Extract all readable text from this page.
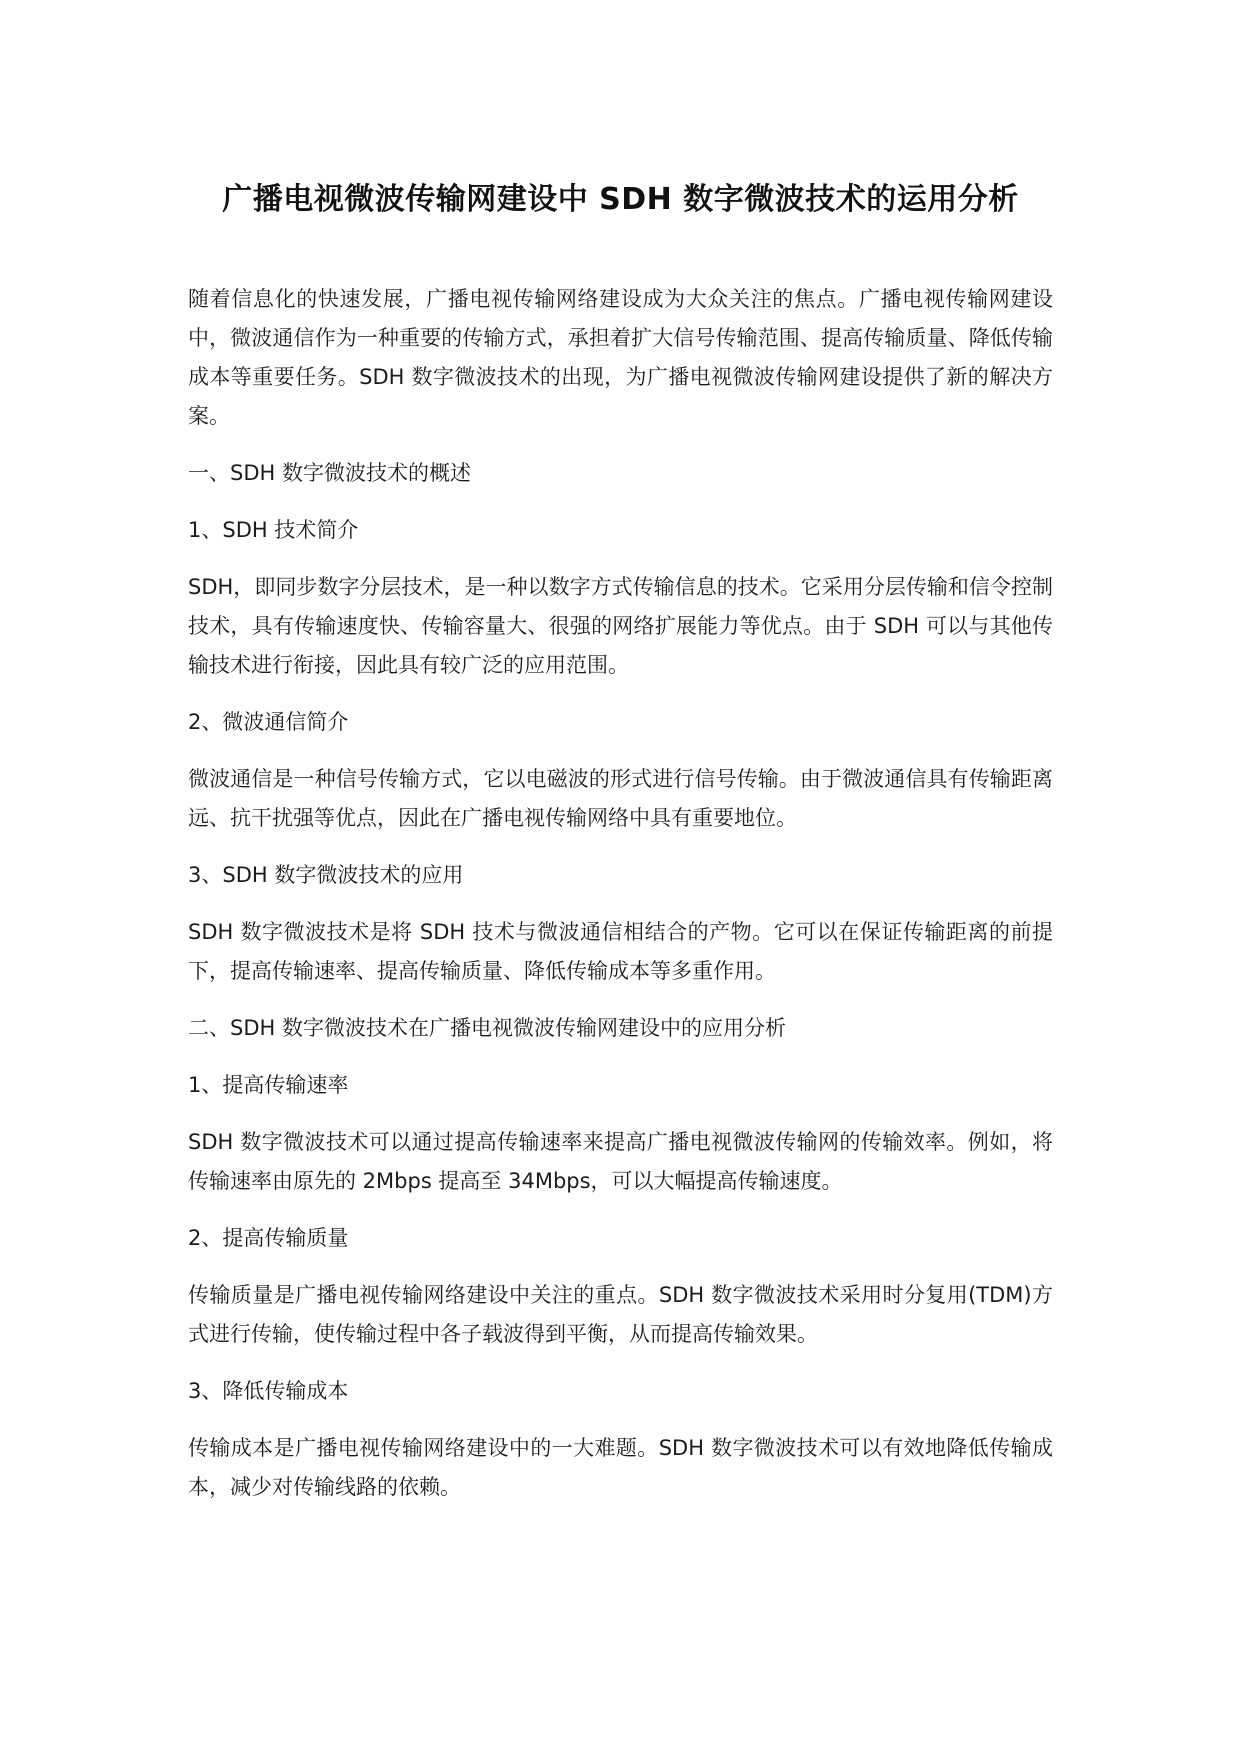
广播电视微波传输网建设中 SDH 数字微波技术的运用分析

随着信息化的快速发展，广播电视传输网络建设成为大众关注的焦点。广播电视传输网建设中，微波通信作为一种重要的传输方式，承担着扩大信号传输范围、提高传输质量、降低传输成本等重要任务。SDH 数字微波技术的出现，为广播电视微波传输网建设提供了新的解决方案。

一、SDH 数字微波技术的概述

1、SDH 技术简介

SDH，即同步数字分层技术，是一种以数字方式传输信息的技术。它采用分层传输和信令控制技术，具有传输速度快、传输容量大、很强的网络扩展能力等优点。由于 SDH 可以与其他传输技术进行衔接，因此具有较广泛的应用范围。

2、微波通信简介

微波通信是一种信号传输方式，它以电磁波的形式进行信号传输。由于微波通信具有传输距离远、抗干扰强等优点，因此在广播电视传输网络中具有重要地位。

3、SDH 数字微波技术的应用

SDH 数字微波技术是将 SDH 技术与微波通信相结合的产物。它可以在保证传输距离的前提下，提高传输速率、提高传输质量、降低传输成本等多重作用。

二、SDH 数字微波技术在广播电视微波传输网建设中的应用分析

1、提高传输速率

SDH 数字微波技术可以通过提高传输速率来提高广播电视微波传输网的传输效率。例如，将传输速率由原先的 2Mbps 提高至 34Mbps，可以大幅提高传输速度。

2、提高传输质量

传输质量是广播电视传输网络建设中关注的重点。SDH 数字微波技术采用时分复用(TDM)方式进行传输，使传输过程中各子载波得到平衡，从而提高传输效果。

3、降低传输成本

传输成本是广播电视传输网络建设中的一大难题。SDH 数字微波技术可以有效地降低传输成本，减少对传输线路的依赖。
